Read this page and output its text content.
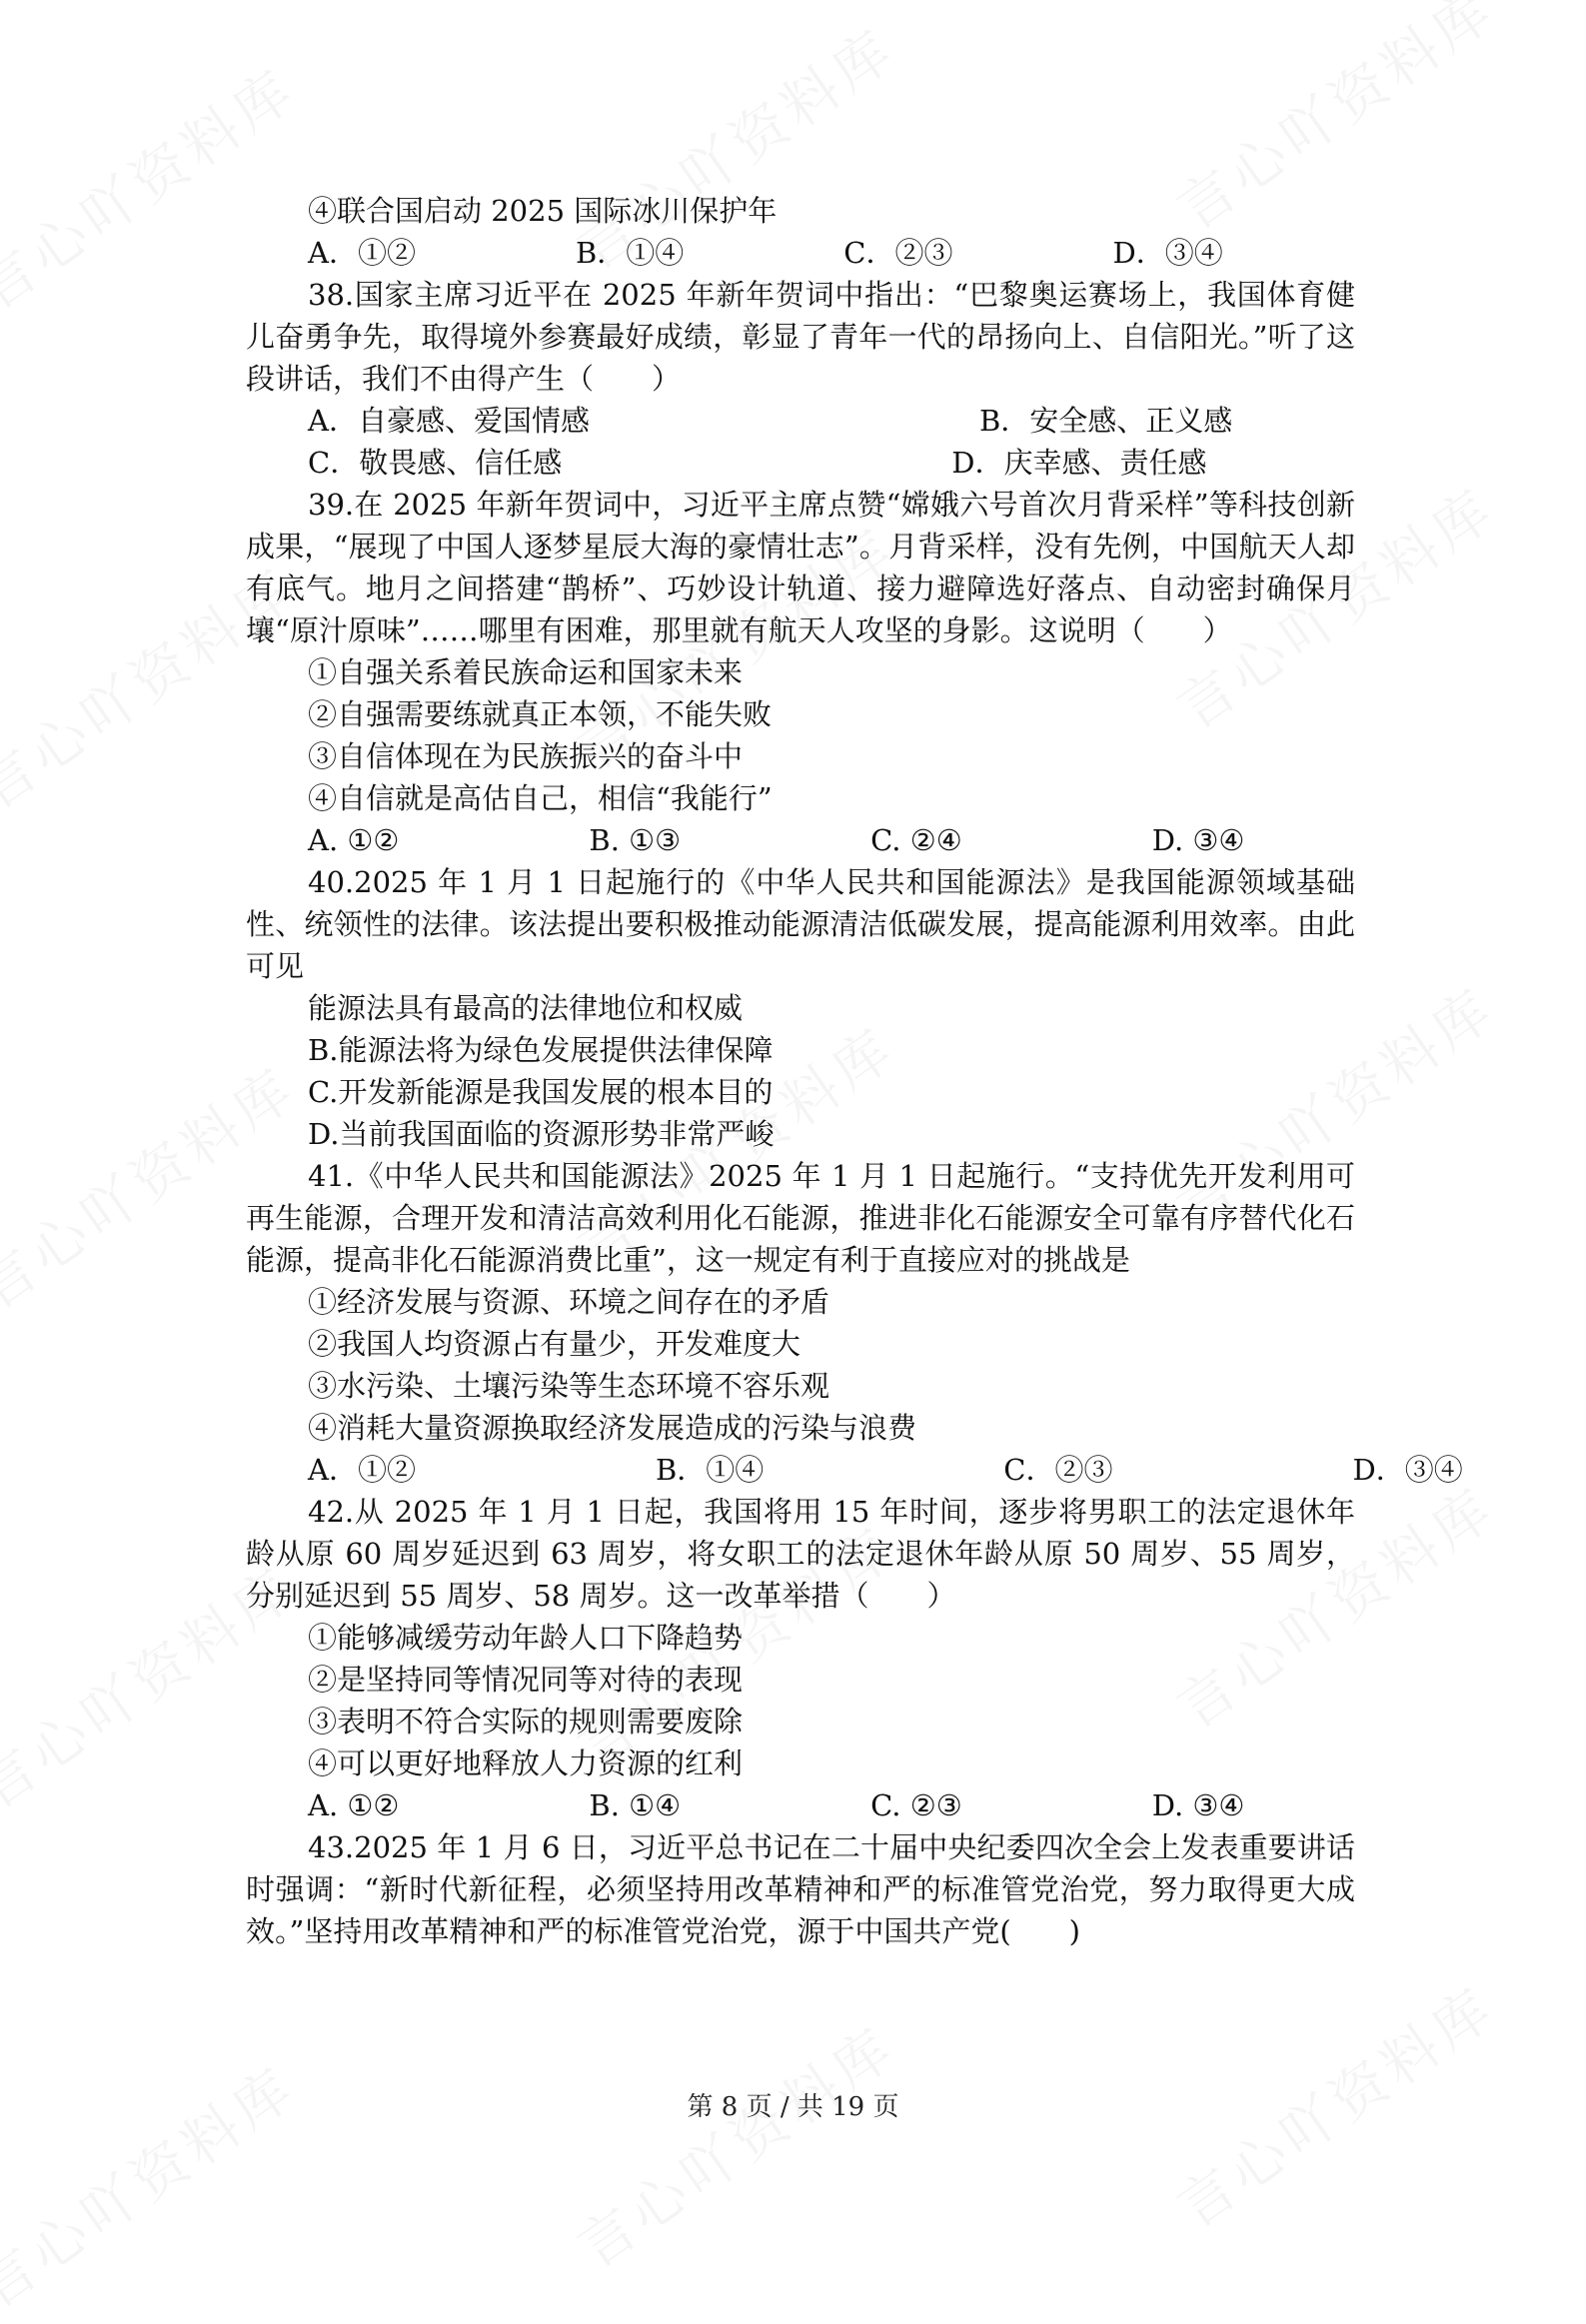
④联合国启动 2025 国际冰川保护年
A．①②	B．①④	C．②③	D．③④
38.国家主席习近平在 2025 年新年贺词中指出：“巴黎奥运赛场上，我国体育健儿奋勇争先，取得境外参赛最好成绩，彰显了青年一代的昂扬向上、自信阳光。”听了这段讲话，我们不由得产生（　　）
A．自豪感、爱国情感	B．安全感、正义感
C．敬畏感、信任感	D．庆幸感、责任感
39.在 2025 年新年贺词中，习近平主席点赞“嫦娥六号首次月背采样”等科技创新成果，“展现了中国人逐梦星辰大海的豪情壮志”。月背采样，没有先例，中国航天人却有底气。地月之间搭建“鹊桥”、巧妙设计轨道、接力避障选好落点、自动密封确保月壤“原汁原味”……哪里有困难，那里就有航天人攻坚的身影。这说明（　　）
①自强关系着民族命运和国家未来
②自强需要练就真正本领，不能失败
③自信体现在为民族振兴的奋斗中
④自信就是高估自己，相信“我能行”
A. ①②	B. ①③	C. ②④	D. ③④
40.2025 年 1 月 1 日起施行的《中华人民共和国能源法》是我国能源领域基础性、统领性的法律。该法提出要积极推动能源清洁低碳发展，提高能源利用效率。由此可见
能源法具有最高的法律地位和权威
B.能源法将为绿色发展提供法律保障
C.开发新能源是我国发展的根本目的
D.当前我国面临的资源形势非常严峻
41.《中华人民共和国能源法》2025 年 1 月 1 日起施行。“支持优先开发利用可再生能源，合理开发和清洁高效利用化石能源，推进非化石能源安全可靠有序替代化石能源，提高非化石能源消费比重”，这一规定有利于直接应对的挑战是
①经济发展与资源、环境之间存在的矛盾
②我国人均资源占有量少，开发难度大
③水污染、土壤污染等生态环境不容乐观
④消耗大量资源换取经济发展造成的污染与浪费
A．①②	B．①④	C．②③	D．③④
42.从 2025 年 1 月 1 日起，我国将用 15 年时间，逐步将男职工的法定退休年龄从原 60 周岁延迟到 63 周岁，将女职工的法定退休年龄从原 50 周岁、55 周岁，分别延迟到 55 周岁、58 周岁。这一改革举措（　　）
①能够减缓劳动年龄人口下降趋势
②是坚持同等情况同等对待的表现
③表明不符合实际的规则需要废除
④可以更好地释放人力资源的红利
A. ①②	B. ①④	C. ②③	D. ③④
43.2025 年 1 月 6 日，习近平总书记在二十届中央纪委四次全会上发表重要讲话时强调：“新时代新征程，必须坚持用改革精神和严的标准管党治党，努力取得更大成效。”坚持用改革精神和严的标准管党治党，源于中国共产党(　　)
第 8 页 / 共 19 页
